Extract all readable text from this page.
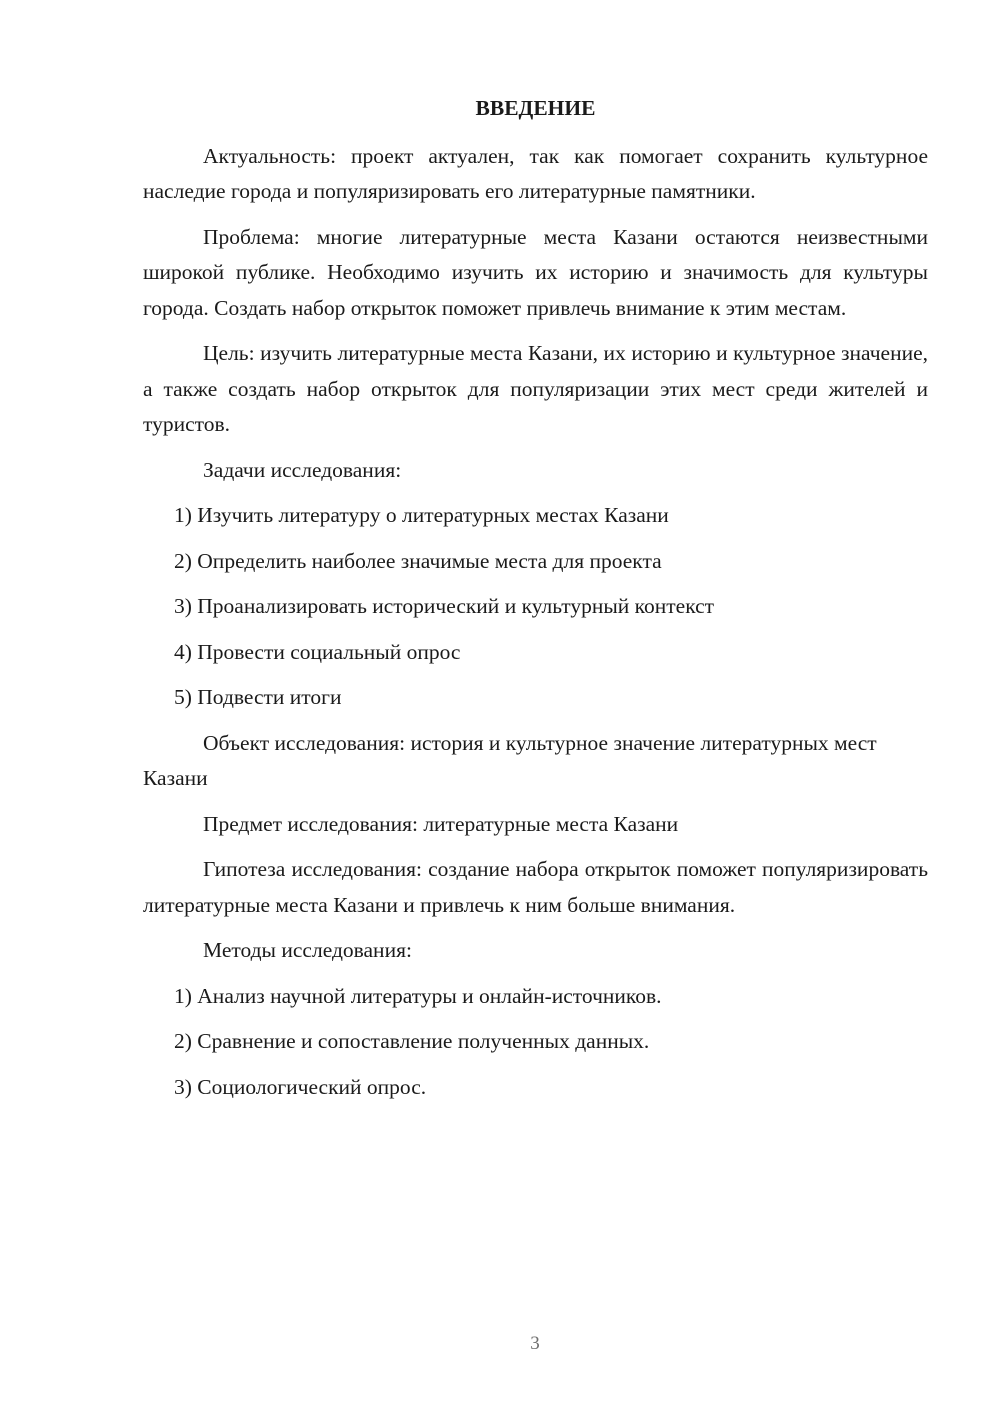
ВВЕДЕНИЕ

Актуальность: проект актуален, так как помогает сохранить культурное наследие города и популяризировать его литературные памятники.

Проблема: многие литературные места Казани остаются неизвестными широкой публике. Необходимо изучить их историю и значимость для культуры города. Создать набор открыток поможет привлечь внимание к этим местам.

Цель: изучить литературные места Казани, их историю и культурное значение, а также создать набор открыток для популяризации этих мест среди жителей и туристов.

Задачи исследования:
1) Изучить литературу о литературных местах Казани
2) Определить наиболее значимые места для проекта
3) Проанализировать исторический и культурный контекст
4) Провести социальный опрос
5) Подвести итоги

Объект исследования: история и культурное значение литературных мест Казани

Предмет исследования: литературные места Казани

Гипотеза исследования: создание набора открыток поможет популяризировать литературные места Казани и привлечь к ним больше внимания.

Методы исследования:
1) Анализ научной литературы и онлайн-источников.
2) Сравнение и сопоставление полученных данных.
3) Социологический опрос.
3
